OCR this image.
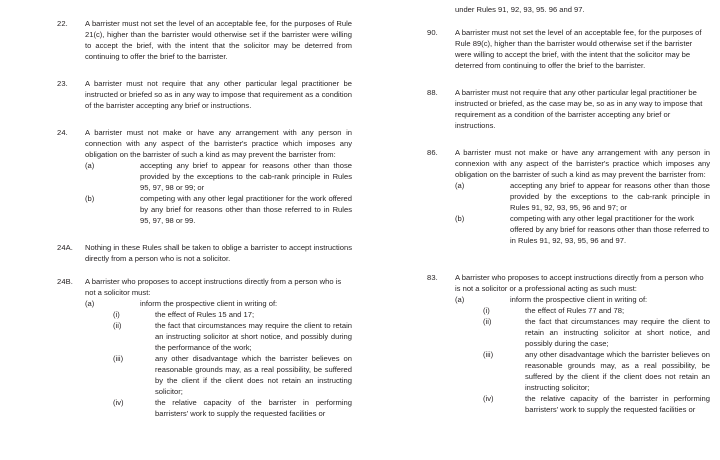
22.	A barrister must not set the level of an acceptable fee, for the purposes of Rule 21(c), higher than the barrister would otherwise set if the barrister were willing to accept the brief, with the intent that the solicitor may be deterred from continuing to offer the brief to the barrister.

23.	A barrister must not require that any other particular legal practitioner be instructed or briefed so as in any way to impose that requirement as a condition of the barrister accepting any brief or instructions.

24.	A barrister must not make or have any arrangement with any person in connection with any aspect of the barrister's practice which imposes any obligation on the barrister of such a kind as may prevent the barrister from:

(a)	accepting any brief to appear for reasons other than those provided by the exceptions to the cab-rank principle in Rules 95, 97, 98 or 99; or
(b)	competing with any other legal practitioner for the work offered by any brief for reasons other than those referred to in Rules 95, 97, 98 or 99.
24A.	Nothing in these Rules shall be taken to oblige a barrister to accept instructions directly from a person who is not a solicitor.

24B.	A barrister who proposes to accept instructions directly from a person who is not a solicitor must:

(a)	inform the prospective client in writing of:
(i)	the effect of Rules 15 and 17;
(ii)	the fact that circumstances may require the client to retain an instructing solicitor at short notice, and possibly during the performance of the work;
(iii)	any other disadvantage which the barrister believes on reasonable grounds may, as a real possibility, be suffered by the client if the client does not retain an instructing solicitor;
(iv)	the relative capacity of the barrister in performing barristers' work to supply the requested facilities or
under Rules 91, 92, 93, 95. 96 and 97.
90.	A barrister must not set the level of an acceptable fee, for the purposes of Rule 89(c), higher than the barrister would otherwise set if the barrister were willing to accept the brief, with the intent that the solicitor may be deterred from continuing to offer the brief to the barrister.

88.	A barrister must not require that any other particular legal practitioner be instructed or briefed, as the case may be, so as in any way to impose that requirement as a condition of the barrister accepting any brief or instructions.

86.	A barrister must not make or have any arrangement with any person in connexion with any aspect of the barrister's practice which imposes any obligation on the barrister of such a kind as may prevent the barrister from:

(a)	accepting any brief to appear for reasons other than those provided by the exceptions to the cab-rank principle in Rules 91, 92, 93, 95, 96 and 97; or
(b)	competing with any other legal practitioner for the work offered by any brief for reasons other than those referred to in Rules 91, 92, 93, 95, 96 and 97.
83.	A barrister who proposes to accept instructions directly from a person who is not a solicitor or a professional acting as such must:

(a)	inform the prospective client in writing of:
(i)	the effect of Rules 77 and 78;
(ii)	the fact that circumstances may require the client to retain an instructing solicitor at short notice, and possibly during the case;
(iii)	any other disadvantage which the barrister believes on reasonable grounds may, as a real possibility, be suffered by the client if the client does not retain an instructing solicitor;
(iv)	the relative capacity of the barrister in performing barristers' work to supply the requested facilities or
